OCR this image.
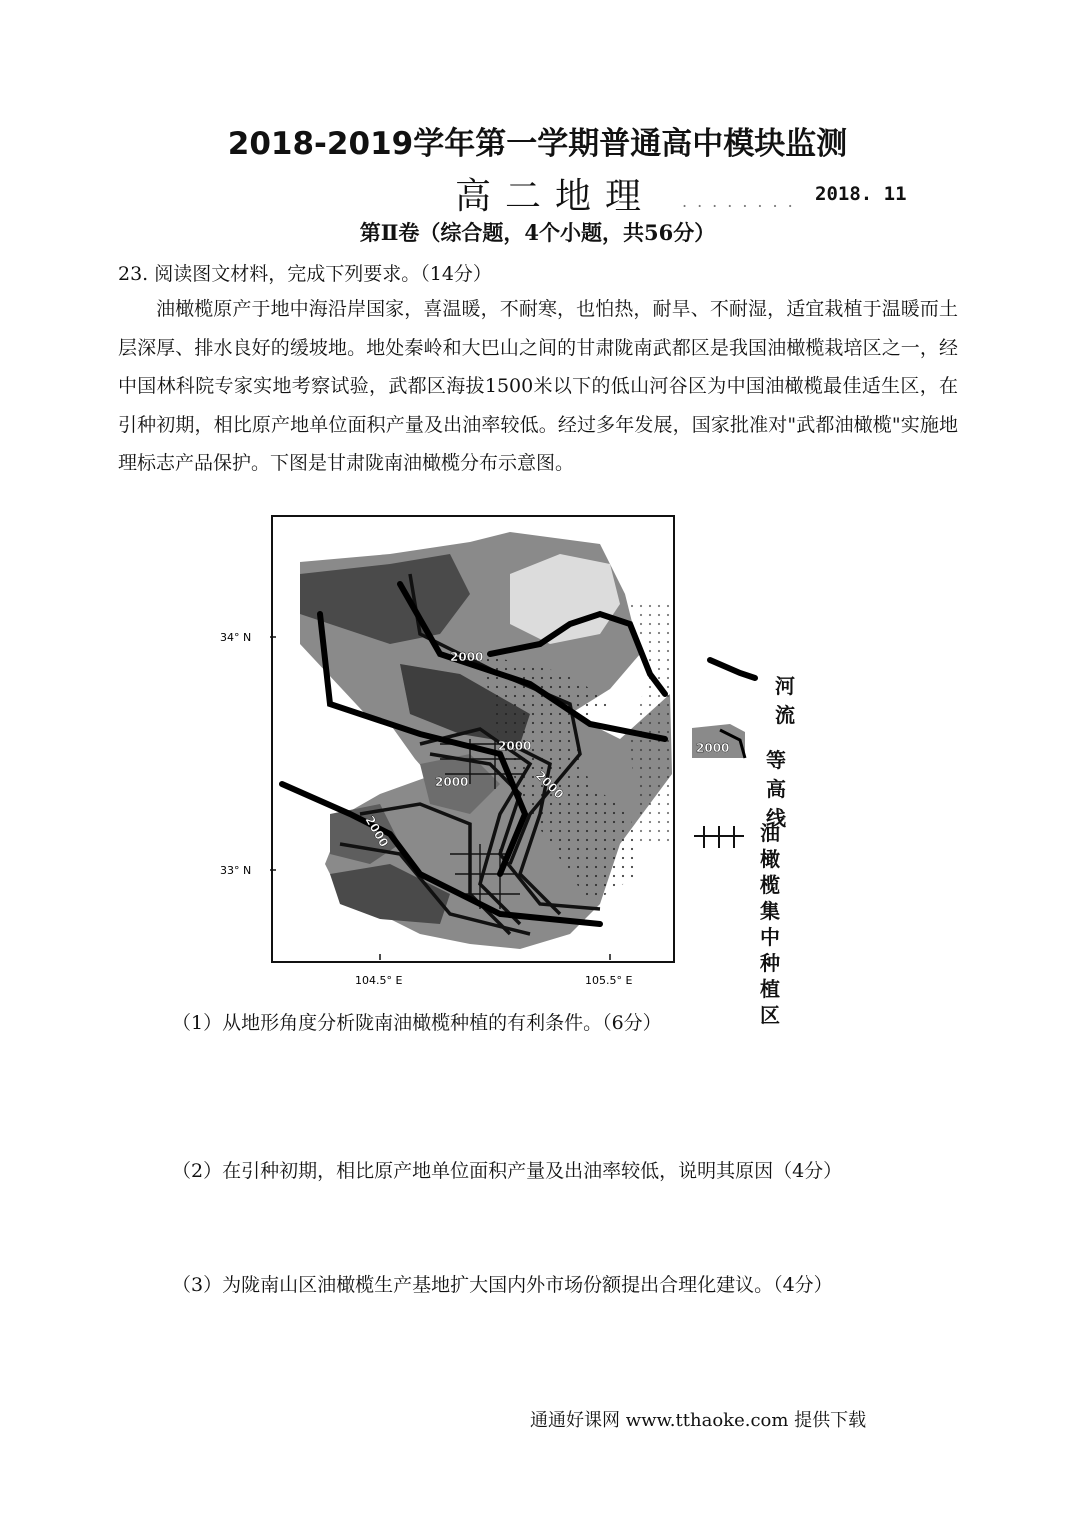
2018-2019学年第一学期普通高中模块监测
高二地理 ........ 2018. 11
第Ⅱ卷（综合题，4个小题，共56分）
23. 阅读图文材料，完成下列要求。（14分）
油橄榄原产于地中海沿岸国家，喜温暖，不耐寒，也怕热，耐旱、不耐湿，适宜栽植于温暖而土层深厚、排水良好的缓坡地。地处秦岭和大巴山之间的甘肃陇南武都区是我国油橄榄栽培区之一，经中国林科院专家实地考察试验，武都区海拔1500米以下的低山河谷区为中国油橄榄最佳适生区，在引种初期，相比原产地单位面积产量及出油率较低。经过多年发展，国家批准对"武都油橄榄"实施地理标志产品保护。下图是甘肃陇南油橄榄分布示意图。
2000
2000
2000
2000
2000
34° N
33° N
104.5° E	105.5° E
河流
2000 等高线
油橄榄集
中种植区
（1）从地形角度分析陇南油橄榄种植的有利条件。（6分）
（2）在引种初期，相比原产地单位面积产量及出油率较低，说明其原因（4分）
（3）为陇南山区油橄榄生产基地扩大国内外市场份额提出合理化建议。（4分）
通通好课网 www.tthaoke.com 提供下载
